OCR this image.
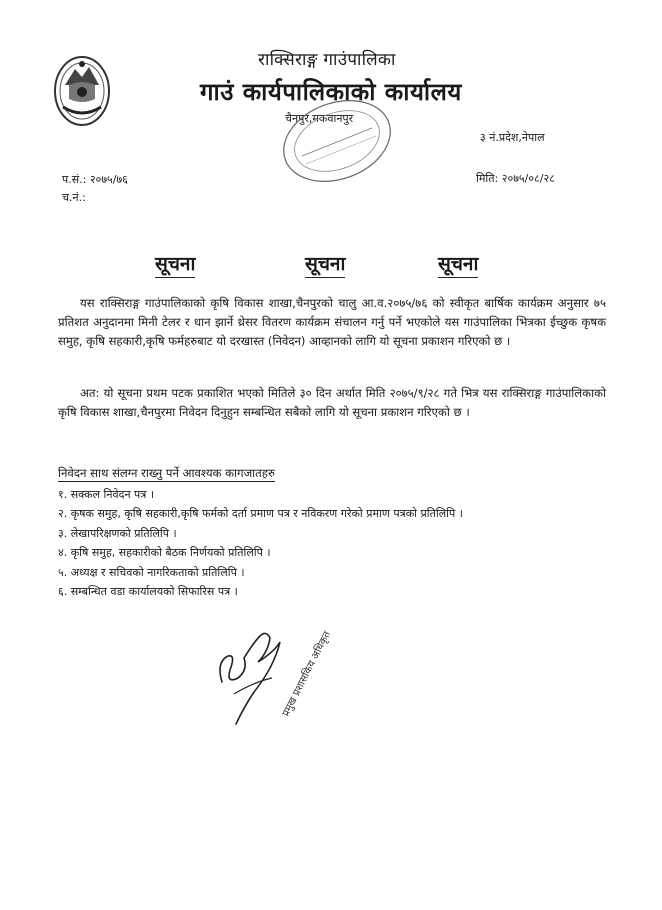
राक्सिराङ्ग गाउंपालिका
गाउं कार्यपालिकाको कार्यालय
चैनपुर,मकवानपुर
३ नं.प्रदेश,नेपाल
प.सं.: २०७५/७६
च.नं.:
मिति: २०७५/०८/२८
सूचना	सूचना	सूचना
यस राक्सिराङ्ग गाउंपालिकाको कृषि विकास शाखा,चैनपुरको चालु आ.व.२०७५/७६ को स्वीकृत बार्षिक कार्यक्रम अनुसार ७५ प्रतिशत अनुदानमा मिनी टेलर र धान झार्ने थ्रेसर वितरण कार्यक्रम संचालन गर्नु पर्ने भएकोले यस गाउंपालिका भित्रका ईच्छुक कृषक समुह, कृषि सहकारी,कृषि फर्महरुबाट यो दरखास्त (निवेदन) आव्हानको लागि यो सूचना प्रकाशन गरिएको छ ।
अत: यो सूचना प्रथम पटक प्रकाशित भएको मितिले ३० दिन अर्थात मिति २०७५/९/२८ गते भित्र यस राक्सिराङ्ग गाउंपालिकाको कृषि विकास शाखा,चैनपुरमा निवेदन दिनुहुन सम्बन्धित सबैको लागि यो सूचना प्रकाशन गरिएको छ ।
निवेदन साथ संलग्न राख्नु पर्ने आवश्यक कागजातहरु
१. सक्कल निवेदन पत्र ।
२. कृषक समुह, कृषि सहकारी,कृषि फर्मको दर्ता प्रमाण पत्र र नविकरण गरेको प्रमाण पत्रको प्रतिलिपि ।
३. लेखापरिक्षणको प्रतिलिपि ।
४. कृषि समुह, सहकारीको बैठक निर्णयको प्रतिलिपि ।
५. अध्यक्ष र सचिवको नागरिकताको प्रतिलिपि ।
६. सम्बन्धित वडा कार्यालयको सिफारिस पत्र ।
प्रमुख प्रशासकिय अधिकृत
